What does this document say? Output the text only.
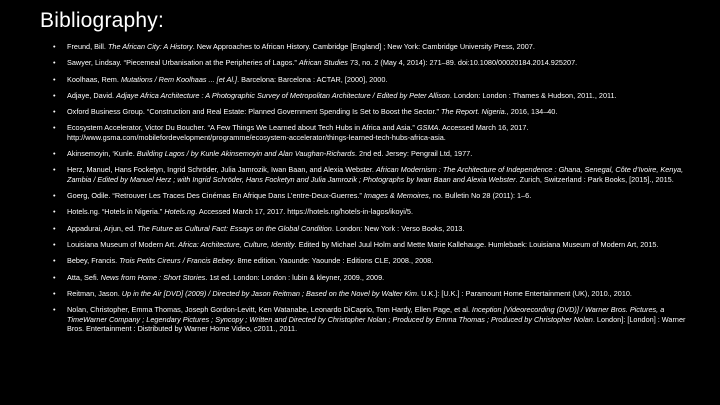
Bibliography:
• Freund, Bill. The African City: A History. New Approaches to African History. Cambridge [England] ; New York: Cambridge University Press, 2007.
• Sawyer, Lindsay. “Piecemeal Urbanisation at the Peripheries of Lagos.” African Studies 73, no. 2 (May 4, 2014): 271–89. doi:10.1080/00020184.2014.925207.
• Koolhaas, Rem. Mutations / Rem Koolhaas ... [et Al.]. Barcelona: Barcelona : ACTAR, [2000], 2000.
• Adjaye, David. Adjaye Africa Architecture : A Photographic Survey of Metropolitan Architecture / Edited by Peter Allison. London: London : Thames & Hudson, 2011., 2011.
• Oxford Business Group. “Construction and Real Estate: Planned Government Spending Is Set to Boost the Sector.” The Report. Nigeria., 2016, 134–40.
• Ecosystem Accelerator, Victor Du Boucher. “A Few Things We Learned about Tech Hubs in Africa and Asia.” GSMA. Accessed March 16, 2017. http://www.gsma.com/mobilefordevelopment/programme/ecosystem-accelerator/things-learned-tech-hubs-africa-asia.
• Akinsemoyin, ‘Kunle. Building Lagos / by Kunle Akinsemoyin and Alan Vaughan-Richards. 2nd ed. Jersey: Pengrail Ltd, 1977.
• Herz, Manuel, Hans Focketyn, Ingrid Schröder, Julia Jamrozik, Iwan Baan, and Alexia Webster. African Modernism : The Architecture of Independence : Ghana, Senegal, Côte d’Ivoire, Kenya, Zambia / Edited by Manuel Herz ; with Ingrid Schröder, Hans Focketyn and Julia Jamrozik ; Photographs by Iwan Baan and Alexia Webster. Zurich, Switzerland : Park Books, [2015]., 2015.
• Goerg, Odile. “Retrouver Les Traces Des Cinémas En Afrique Dans L’entre-Deux-Guerres.” Images & Memoires, no. Bulletin No 28 (2011): 1–6.
• Hotels.ng. “Hotels in Nigeria.” Hotels.ng. Accessed March 17, 2017. https://hotels.ng/hotels-in-lagos/ikoyi/5.
• Appadurai, Arjun, ed. The Future as Cultural Fact: Essays on the Global Condition. London: New York : Verso Books, 2013.
• Louisiana Museum of Modern Art. Africa: Architecture, Culture, Identity. Edited by Michael Juul Holm and Mette Marie Kallehauge. Humlebaek: Louisiana Museum of Modern Art, 2015.
• Bebey, Francis. Trois Petits Cireurs / Francis Bebey. 8me edition. Yaounde: Yaounde : Editions CLE, 2008., 2008.
• Atta, Sefi. News from Home : Short Stories. 1st ed. London: London : lubin & kleyner, 2009., 2009.
• Reitman, Jason. Up in the Air [DVD] (2009) / Directed by Jason Reitman ; Based on the Novel by Walter Kim. U.K.]: [U.K.] : Paramount Home Entertainment (UK), 2010., 2010.
• Nolan, Christopher, Emma Thomas, Joseph Gordon-Levitt, Ken Watanabe, Leonardo DiCaprio, Tom Hardy, Ellen Page, et al. Inception [Videorecording (DVD)] / Warner Bros. Pictures, a TimeWarner Company ; Legendary Pictures ; Syncopy ; Written and Directed by Christopher Nolan ; Produced by Emma Thomas ; Produced by Christopher Nolan. London]: [London] : Warner Bros. Entertainment : Distributed by Warner Home Video, c2011., 2011.
